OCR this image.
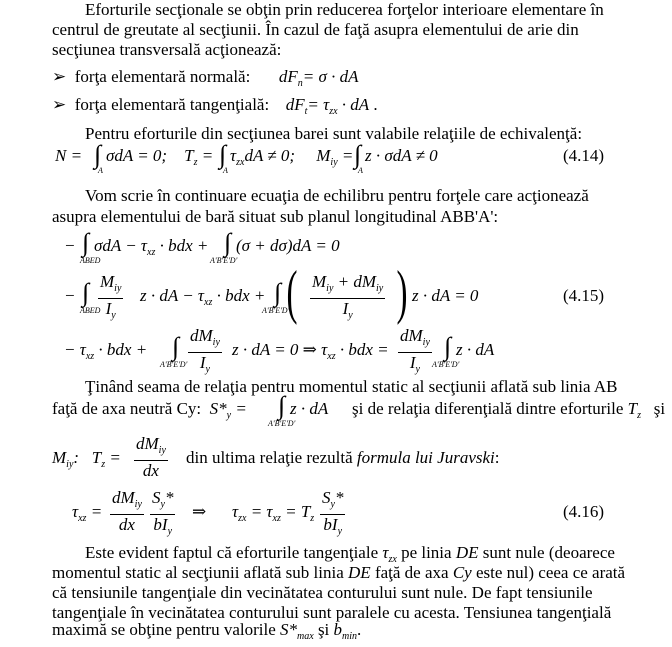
Eforturile secţionale se obţin prin reducerea forţelor interioare elementare în
centrul de greutate al secţiunii. În cazul de faţă asupra elementului de arie din
secţiunea transversală acţionează:
➢ forţa elementară normală: $dF_n= \sigma$ · dA
➢ forţa elementară tangenţială: $dF_t= \tau_{zx}$ · dA .
Pentru eforturile din secţiunea barei sunt valabile relaţiile de echivalenţă:
N = ∫ σdA = 0;    $T_z$ = ∫ $\tau_{zx}dA \ne 0$;     $M_{iy}$ = ∫ z · σdA ≠ 0
A	A	A
(4.14)
Vom scrie în continuare ecuaţia de echilibru pentru forţele care acţionează
asupra elementului de bară situat sub planul longitudinal ABB'A':
− ∫ $\sigma dA - \tau_{xz}$ · bdx + ∫ (σ + dσ)dA = 0
ABED	A'B'E'D'
− ∫ $\frac{M_{iy}}{I_y}$ z · dA − $\tau_{xz}$ · bdx + ∫ ( $\frac{M_{iy} + dM_{iy}}{I_y}$ ) z · dA = 0
ABED	A'B'E'D'
(4.15)
− $\tau_{xz}$ · bdx + ∫ $\frac{dM_{iy}}{I_y}$ z · dA = 0 ⇒ $\tau_{xz}$ · bdx = $\frac{dM_{iy}}{I_y}$ ∫ z · dA
A'B'E'D'	A'B'E'D'
Ţinând seama de relaţia pentru momentul static al secţiunii aflată sub linia AB
faţă de axa neutră Cy:  $S*_y$ = ∫ z · dA
A'B'E'D'
şi de relaţia diferenţială dintre eforturile $T_z$   şi
$M_{iy}$:   $T_z = \frac{dM_{iy}}{dx}$ din ultima relaţie rezultă formula lui Juravski:
$\tau_{xz} = \frac{dM_{iy}}{dx} \frac{S_y*}{bI_y}$ ⇒ $\tau_{zx} = \tau_{xz} = T_z \frac{S_y*}{bI_y}$	(4.16)
Este evident faptul că eforturile tangenţiale $\tau_{zx}$ pe linia DE sunt nule (deoarece
momentul static al secţiunii aflată sub linia DE faţă de axa Cy este nul) ceea ce arată
că tensiunile tangenţiale din vecinătatea conturului sunt nule. De fapt tensiunile
tangenţiale în vecinătatea conturului sunt paralele cu acesta. Tensiunea tangenţială
maximă se obţine pentru valorile $S*_{max}$ şi $b_{min}$.
